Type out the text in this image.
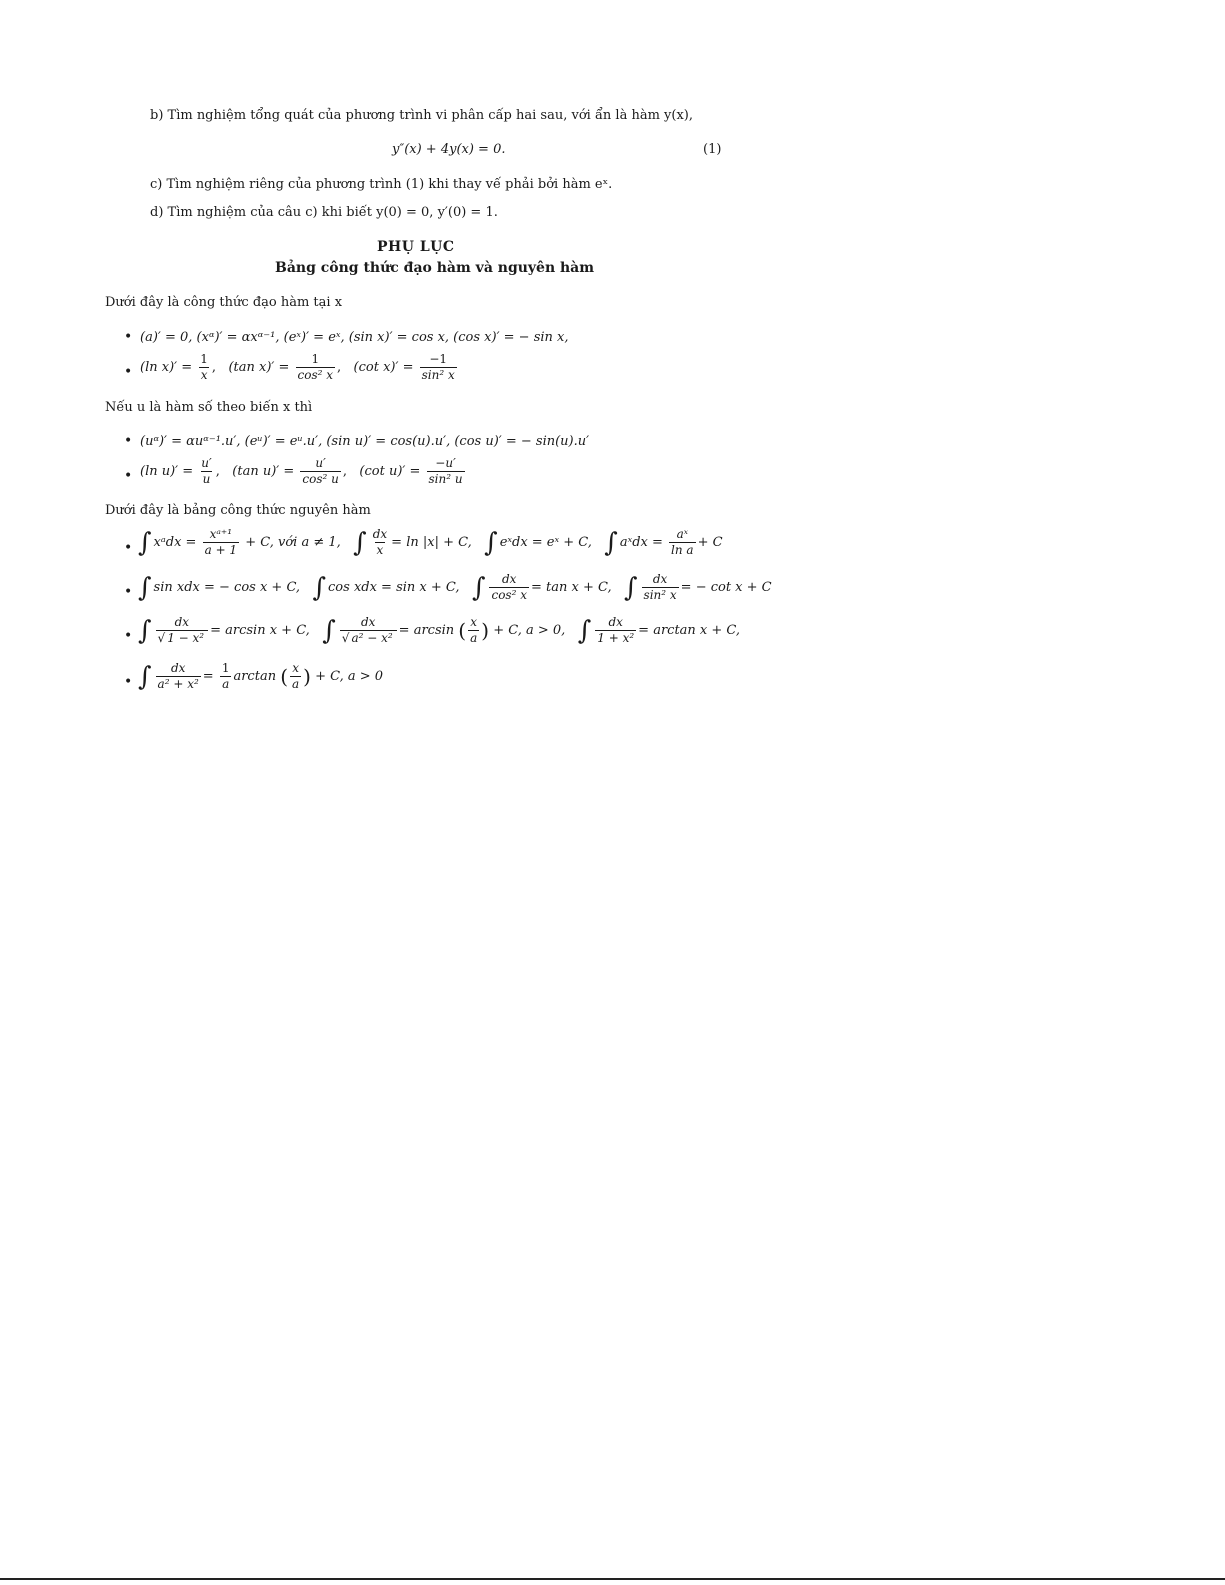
b) Tìm nghiệm tổng quát của phương trình vi phân cấp hai sau, với ẩn là hàm y(x),
y″(x) + 4y(x) = 0.	(1)
c) Tìm nghiệm riêng của phương trình (1) khi thay vế phải bởi hàm eˣ.
d) Tìm nghiệm của câu c) khi biết y(0) = 0, y′(0) = 1.
PHỤ LỤC
Bảng công thức đạo hàm và nguyên hàm
Dưới đây là công thức đạo hàm tại x
• (a)′ = 0, (xᵅ)′ = αxᵅ⁻¹, (eˣ)′ = eˣ, (sin x)′ = cos x, (cos x)′ = − sin x,
• (ln $x)' = \frac{1}{x}$ ,   (tan $x)' = \frac{1}{\text{cos² x}}$ ,   (cot $x)' = \frac{-1}{\text{sin² x}}$
Nếu u là hàm số theo biến x thì
• (uᵅ)′ = αuᵅ⁻¹.u′, (eᵘ)′ = eᵘ.u′, (sin u)′ = cos(u).u′, (cos u)′ = − sin(u).u′
• (ln $u)' = \frac{u'}{u}$ ,   (tan $u)' = \frac{u'}{\text{cos² u}}$ ,   (cot $u)' = \frac{-u'}{\text{sin² u}}$
Dưới đây là bảng công thức nguyên hàm
• ∫ xᵃdx = $\frac{\text{xᵃ⁺¹}}{a + 1} + C$, với a ≠ 1, ∫ $\frac{dx}{x} = \ln |x| + C$, ∫ eˣdx = eˣ + C, ∫ aˣdx = $\frac{\text{aˣ}}{\text{ln a}} + C$
• ∫ sin xdx = − cos x + C, ∫ cos xdx = sin x + C, ∫ $\frac{dx}{\text{cos² x}} = \tan x + C$, ∫ $\frac{dx}{\text{sin² x}}$ = − cot x + C
• ∫ $\frac{dx}{\text{√ 1 − x²}} = \arcsin x + C$, ∫ $\frac{dx}{\text{√ a² − x²}} = \arcsin$ ( $\frac{x}{a}$ ) + C, a > 0, ∫ $\frac{dx}{\text{1 + x²}} = \arctan x + C$,
• ∫ $\frac{dx}{\text{a² + x²}} = \frac{1}{a}$ arctan ( $\frac{x}{a}$ ) + C, a > 0
